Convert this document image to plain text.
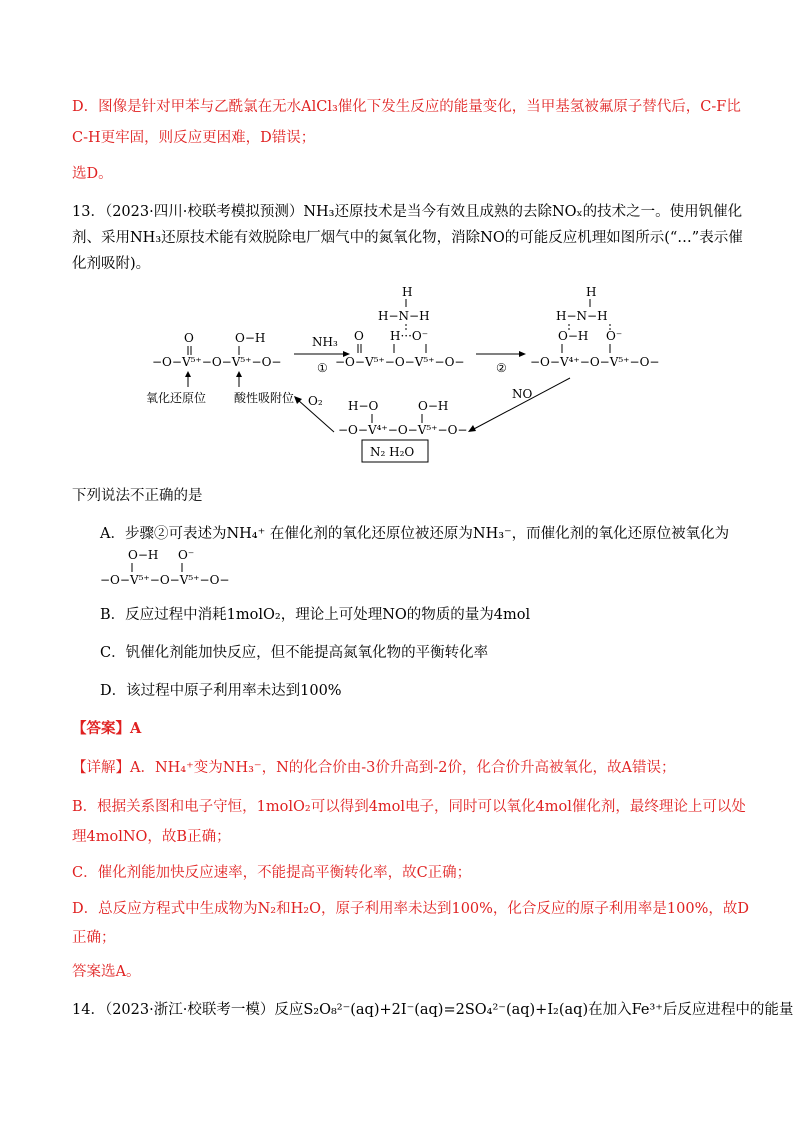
D．图像是针对甲苯与乙酰氯在无水AlCl₃催化下发生反应的能量变化，当甲基氢被氟原子替代后，C-F比
C-H更牢固，则反应更困难，D错误；
选D。
13．（2023·四川·校联考模拟预测）NH₃还原技术是当今有效且成熟的去除NOₓ的技术之一。使用钒催化
剂、采用NH₃还原技术能有效脱除电厂烟气中的氮氧化物，消除NO的可能反应机理如图所示(“…”表示催
化剂吸附)。
O	O−H
−O−V⁵⁺−O−V⁵⁺−O−
氧化还原位 酸性吸附位
NH₃
①
H
H−N−H
H···O⁻
O
−O−V⁵⁺−O−V⁵⁺−O−	②
H
H−N−H
O−H O⁻
−O−V⁴⁺−O−V⁵⁺−O−
NO
H−O	O−H
−O−V⁴⁺−O−V⁵⁺−O−
O₂
N₂ H₂O
下列说法不正确的是
A．步骤②可表述为NH₄⁺ 在催化剂的氧化还原位被还原为NH₃⁻，而催化剂的氧化还原位被氧化为
O−H O⁻
−O−V⁵⁺−O−V⁵⁺−O−
B．反应过程中消耗1molO₂，理论上可处理NO的物质的量为4mol
C．钒催化剂能加快反应，但不能提高氮氧化物的平衡转化率
D．该过程中原子利用率未达到100%
【答案】A
【详解】A．NH₄⁺变为NH₃⁻，N的化合价由-3价升高到-2价，化合价升高被氧化，故A错误；
B．根据关系图和电子守恒，1molO₂可以得到4mol电子，同时可以氧化4mol催化剂，最终理论上可以处
理4molNO，故B正确；
C．催化剂能加快反应速率，不能提高平衡转化率，故C正确；
D．总反应方程式中生成物为N₂和H₂O，原子利用率未达到100%，化合反应的原子利用率是100%，故D
正确；
答案选A。
14．（2023·浙江·校联考一模）反应S₂O₈²⁻(aq)+2I⁻(aq)=2SO₄²⁻(aq)+I₂(aq)在加入Fe³⁺后反应进程中的能量
